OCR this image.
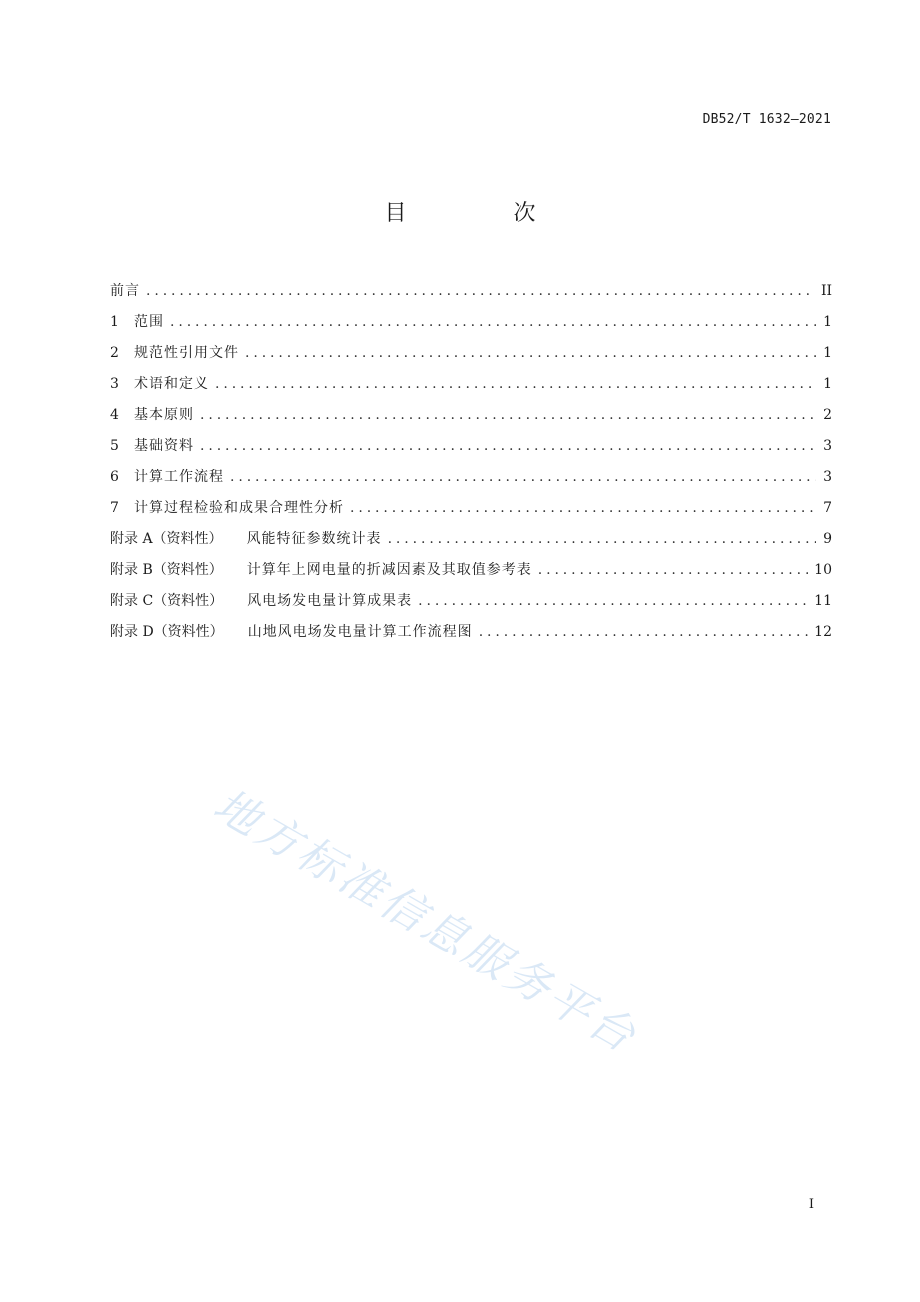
DB52/T 1632—2021
目 次
前言 .....	II
1	范围 .....	1
2	规范性引用文件 .....	1
3	术语和定义 .....	1
4	基本原则 .....	2
5	基础资料 .....	3
6	计算工作流程 .....	3
7	计算过程检验和成果合理性分析 .....	7
附录 A（资料性） 风能特征参数统计表 .....	9
附录 B（资料性） 计算年上网电量的折减因素及其取值参考表 .....	10
附录 C（资料性） 风电场发电量计算成果表 .....	11
附录 D（资料性） 山地风电场发电量计算工作流程图 .....	12
地方标准信息服务平台
I
